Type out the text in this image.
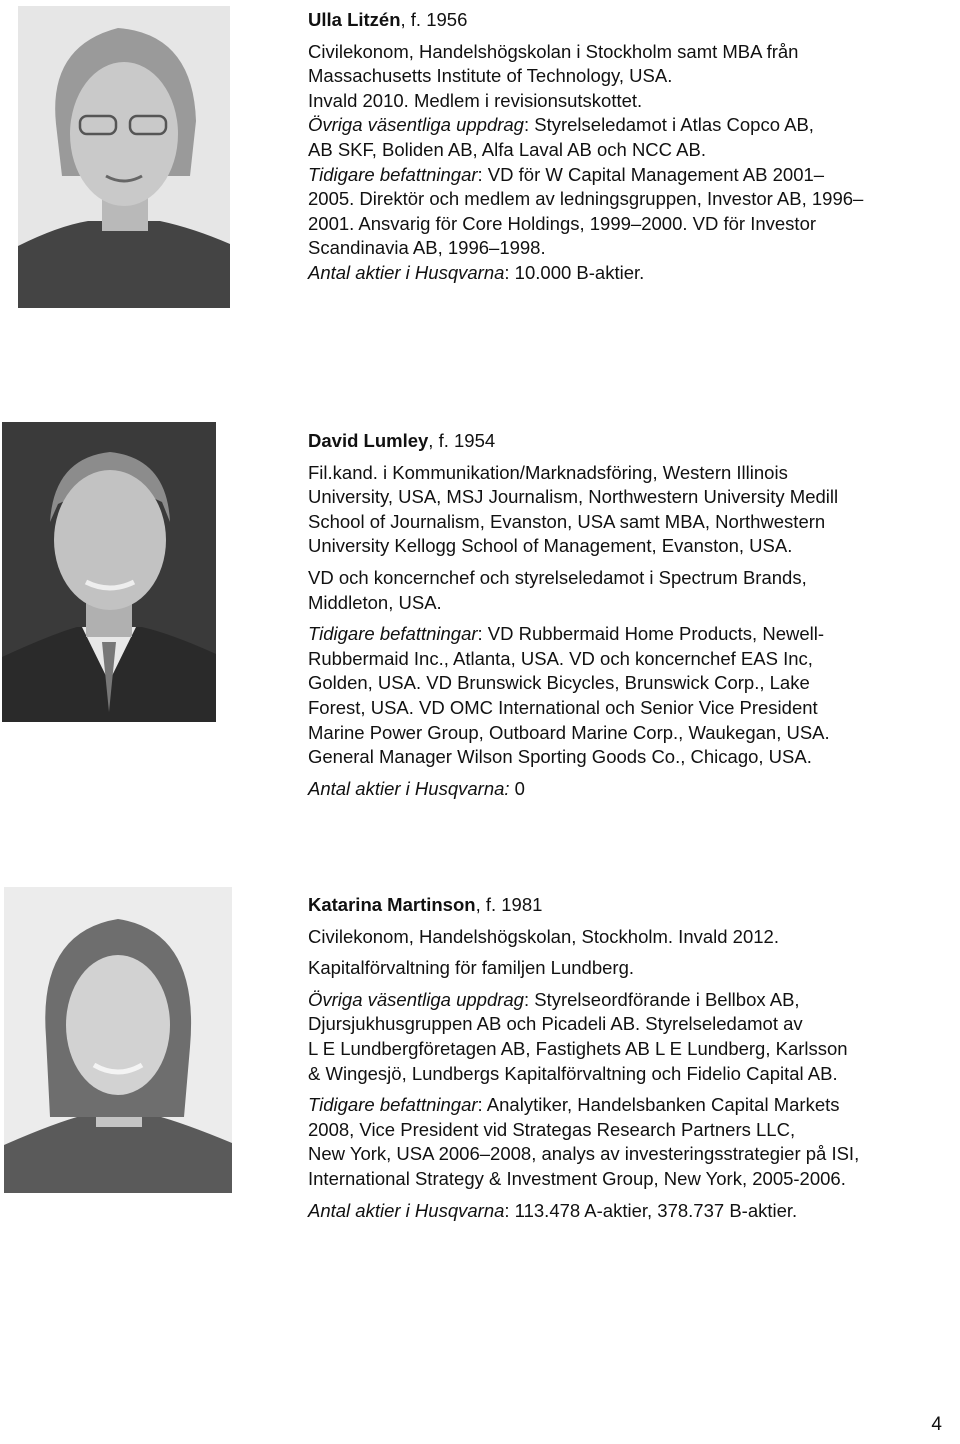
Ulla Litzén, f. 1956

Civilekonom, Handelshögskolan i Stockholm samt MBA från

Massachusetts Institute of Technology, USA.

Invald 2010. Medlem i revisionsutskottet.

Övriga väsentliga uppdrag: Styrelseledamot i Atlas Copco AB,

AB SKF, Boliden AB, Alfa Laval AB och NCC AB.

Tidigare befattningar: VD för W Capital Management AB 2001–

2005. Direktör och medlem av ledningsgruppen, Investor AB, 1996–

2001. Ansvarig för Core Holdings, 1999–2000. VD för Investor

Scandinavia AB, 1996–1998.

Antal aktier i Husqvarna: 10.000 B-aktier.

David Lumley, f. 1954

Fil.kand. i Kommunikation/Marknadsföring, Western Illinois

University, USA, MSJ Journalism, Northwestern University Medill

School of Journalism, Evanston, USA samt MBA, Northwestern

University Kellogg School of Management, Evanston, USA.

VD och koncernchef och styrelseledamot i Spectrum Brands,

Middleton, USA.

Tidigare befattningar: VD Rubbermaid Home Products, Newell-

Rubbermaid Inc., Atlanta, USA. VD och koncernchef EAS Inc,

Golden, USA. VD Brunswick Bicycles, Brunswick Corp., Lake

Forest, USA. VD OMC International och Senior Vice President

Marine Power Group, Outboard Marine Corp., Waukegan, USA.

General Manager Wilson Sporting Goods Co., Chicago, USA.

Antal aktier i Husqvarna: 0

Katarina Martinson, f. 1981

Civilekonom, Handelshögskolan, Stockholm. Invald 2012.

Kapitalförvaltning för familjen Lundberg.

Övriga väsentliga uppdrag: Styrelseordförande i Bellbox AB,

Djursjukhusgruppen AB och Picadeli AB. Styrelseledamot av

L E Lundbergföretagen AB, Fastighets AB L E Lundberg, Karlsson

& Wingesjö, Lundbergs Kapitalförvaltning och Fidelio Capital AB.

Tidigare befattningar: Analytiker, Handelsbanken Capital Markets

2008, Vice President vid Strategas Research Partners LLC,

New York, USA 2006–2008, analys av investeringsstrategier på ISI,

International Strategy & Investment Group, New York, 2005-2006.

Antal aktier i Husqvarna: 113.478 A-aktier, 378.737 B-aktier.

4
